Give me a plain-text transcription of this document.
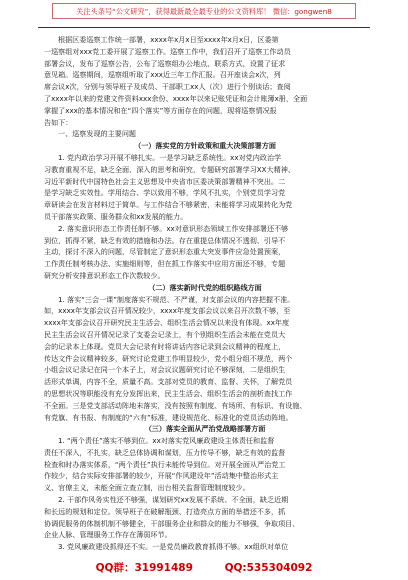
关注头条号“公文研究”，获得最新最全最专业的公文资料库！ 微信：gongwen8

根据区委巡察工作统一部署，xxxx年x月x日至xxxx年x月x日，区委第

一巡察组对xxx党工委开展了巡察工作。巡察工作中，我们召开了巡察工作动员

部署会议，发布了巡察公告，公布了巡察组办公地点、联系方式，设置了征求

意见箱。巡察期间，巡察组听取了xxx近三年工作汇报。召开座谈会x次，列

席会议x次，分别与领导班子及成员、干部职工xx人（次）进行个别谈话；查阅

了xxxx年以来的党建文件资料xxx余份、xxxx年以来记账凭证和会计账簿x册，全面

掌握了xxx的基本情况和在“四个落实”等方面存在的问题，现将巡察情况报

告如下：

一、巡察发现的主要问题

（一）落实党的方针政策和重大决策部署方面

1. 党内政治学习开展不够扎实。一是学习缺乏系统性。xx对党内政治学

习教育重视不足，缺乏全面、深入的思考和研究，专题研究部署学习XX大精神、

习近平新时代中国特色社会主义思想及中央省市区委决策部署精神不突出。二

是学习缺乏实效性。学用结合、学以致用不够，学风不扎实，个别党员学习党

章研读会在发言材料过于简单。与工作结合不够紧密，未能将学习成果转化为党

员干部落实政策、服务群众和xx发展的能力。

2. 落实意识形态工作责任制不够。xx对意识形态领域工作安排部署还不够

到位，抓得不紧，缺乏有效的措施和办法。存在重提总体情况不透彻、引导不

主动，探讨不深入的问题，尽管制定了意识形态重大突发事件应急处置预案，

工作责任制考核办法、实施细则等，但在抓工作落实中应用方面还不够，专题

研究分析安排意识形态工作次数较少。

（二）落实新时代党的组织路线方面

1. 落实“三会一课”制度落实不规范、不严谨，对支部会议的内容把握不准。

如，xxxx年支部会议召开情况较少，xxxx年度支部会议以来召开次数不够，至

xxxx年支部会议召开研究民主生活会、组织生活会情况以来没有体现。xx年度

民主生活会议召开情况记录了支委会记录上，有个别组织生活会未能在党员大

会的记录本上体现。党员大会记录有时将讲话内容记录到会议精神的程度上，

传达文件会议精神较多，研究讨论党建工作明显较少，党小组分组不规范，两个

小组会议记录记在同一个本子上，对会议议题研究讨论不够深刻，二是组织生

活形式单调，内容不全，质量不高。支部对党员的教育、监督、关怀，了解党员

的思想状况等职能没有充分发挥出来，民主生活会、组织生活会的剖析查找工作

不全面。三是党支部活动阵地未落实，没有按照有制度、有场所、有标识、有设施、

有党旗、有书报、有制度的“六有”标准，建设规范化、标准化的党员活动阵地。

（三）落实全面从严治党战略部署方面

1. “两个责任”落实不够到位。xx对落实党风廉政建设主体责任和监督

责任不深入，不扎实，缺乏总体协调和谋划，压力传导不够，缺乏有效的监督

检查和时办落实体系，“两个责任”执行未能传导到位。对开展全面从严治党工

作较少，结合实际安排部署的较少，开展“作风建设年”活动集中整治形式主

义、官僚主义，未能全面立查立制，出台相关监督管理制度较少。

2. 干部作风务实性还不够强，谋划研究xx发展不系统、不全面，缺乏近期

和长远的规划和定位。领导班子在破解瓶颈、打造亮点方面的举措还不多，抓

协调促服务的体制机制不够健全，干部服务企业和群众的能力不够强，争取项目、

企业人脉、管理服务工作存在薄弱环节。

3. 党风廉政建设抓得还不实。一是党员廉政教育抓得不够。xx组织对单位

QQ群：31991489	QQ:535304092
